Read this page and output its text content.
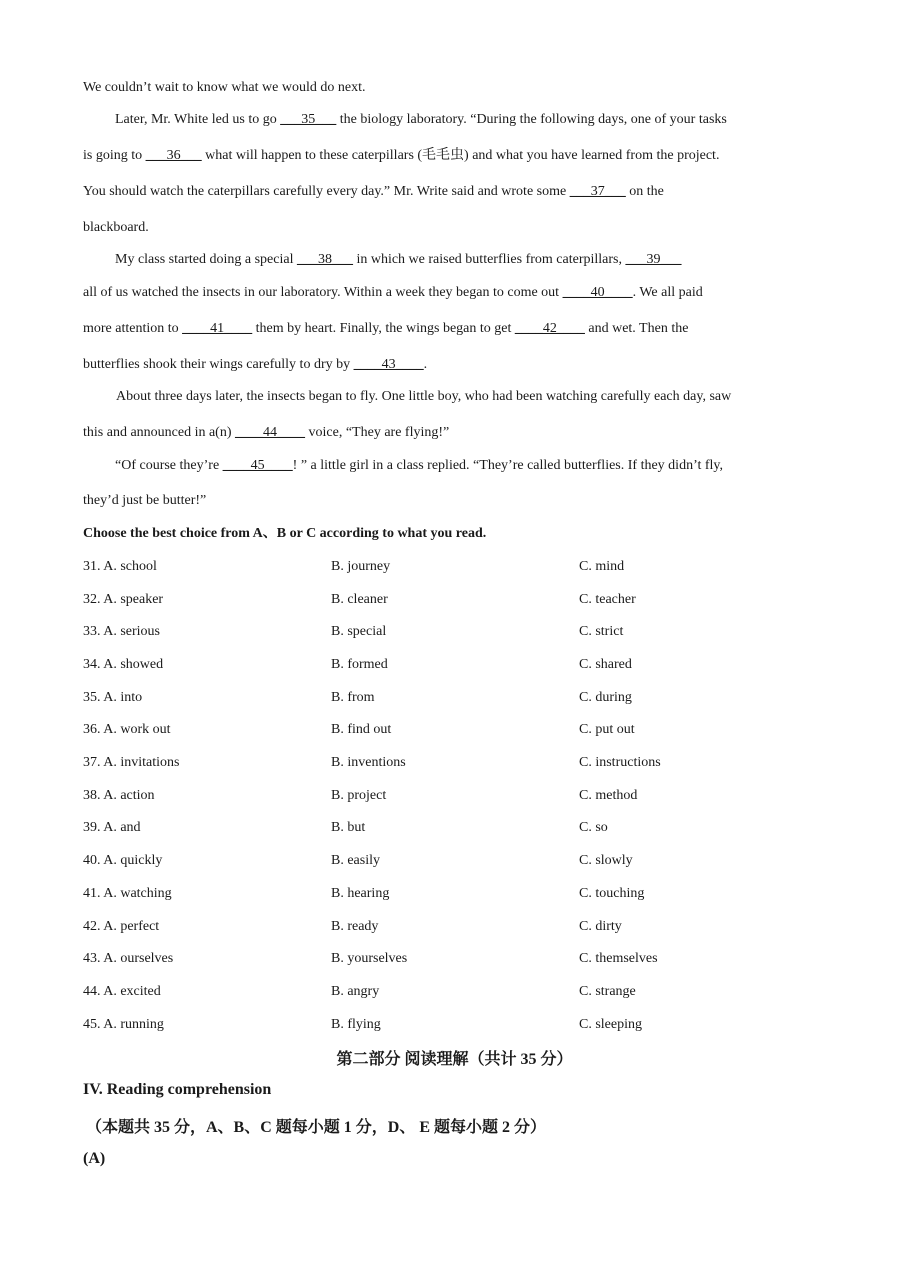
We couldn’t wait to know what we would do next.
Later, Mr. White led us to go ___35___ the biology laboratory. “During the following days, one of your tasks
is going to ___36___ what will happen to these caterpillars (毛毛虫) and what you have learned from the project.
You should watch the caterpillars carefully every day.” Mr. Write said and wrote some ___37___ on the
blackboard.
My class started doing a special ___38___ in which we raised butterflies from caterpillars, ___39___
all of us watched the insects in our laboratory. Within a week they began to come out ____40____. We all paid
more attention to ____41____ them by heart. Finally, the wings began to get ____42____ and wet. Then the
butterflies shook their wings carefully to dry by ____43____.
About three days later, the insects began to fly. One little boy, who had been watching carefully each day, saw
this and announced in a(n) ____44____ voice, “They are flying!”
“Of course they’re ____45____! ” a little girl in a class replied. “They’re called butterflies. If they didn’t fly,
they’d just be butter!”
Choose the best choice from A、B or C according to what you read.
31. A. school	B. journey	C. mind
32. A. speaker	B. cleaner	C. teacher
33. A. serious	B. special	C. strict
34. A. showed	B. formed	C. shared
35. A. into	B. from	C. during
36. A. work out	B. find out	C. put out
37. A. invitations	B. inventions	C. instructions
38. A. action	B. project	C. method
39. A. and	B. but	C. so
40. A. quickly	B. easily	C. slowly
41. A. watching	B. hearing	C. touching
42. A. perfect	B. ready	C. dirty
43. A. ourselves	B. yourselves	C. themselves
44. A. excited	B. angry	C. strange
45. A. running	B. flying	C. sleeping
第二部分 阅读理解（共计 35 分）
IV. Reading comprehension
（本题共 35 分，A、B、C 题每小题 1 分，D、 E 题每小题 2 分）
(A)
